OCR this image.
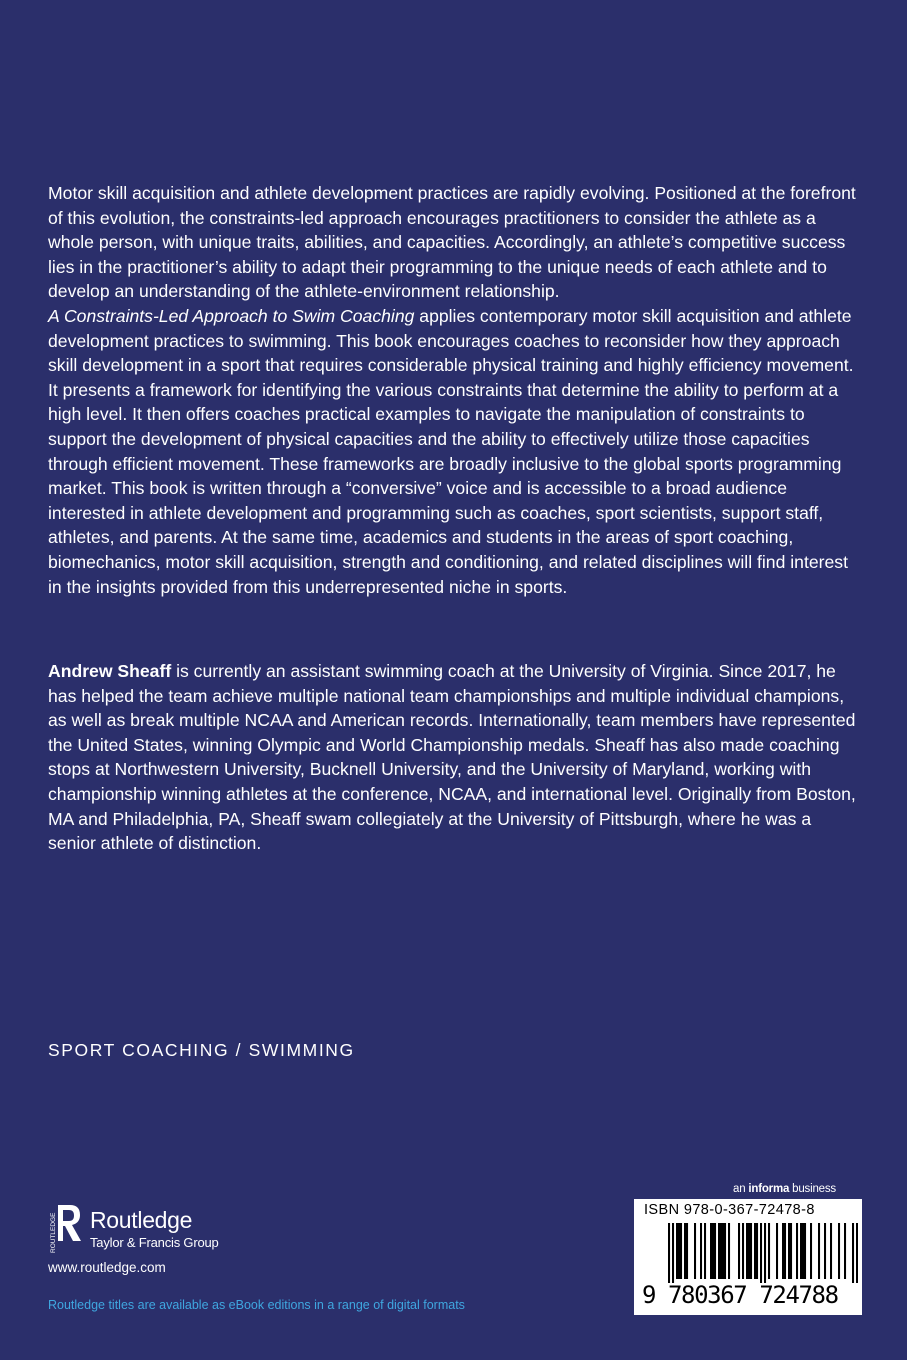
Motor skill acquisition and athlete development practices are rapidly evolving. Positioned at the forefront of this evolution, the constraints-led approach encourages practitioners to consider the athlete as a whole person, with unique traits, abilities, and capacities. Accordingly, an athlete’s competitive success lies in the practitioner’s ability to adapt their programming to the unique needs of each athlete and to develop an understanding of the athlete-environment relationship.
A Constraints-Led Approach to Swim Coaching applies contemporary motor skill acquisition and athlete development practices to swimming. This book encourages coaches to reconsider how they approach skill development in a sport that requires considerable physical training and highly efficiency movement. It presents a framework for identifying the various constraints that determine the ability to perform at a high level. It then offers coaches practical examples to navigate the manipulation of constraints to support the development of physical capacities and the ability to effectively utilize those capacities through efficient movement. These frameworks are broadly inclusive to the global sports programming market. This book is written through a “conversive” voice and is accessible to a broad audience interested in athlete development and programming such as coaches, sport scientists, support staff, athletes, and parents. At the same time, academics and students in the areas of sport coaching, biomechanics, motor skill acquisition, strength and conditioning, and related disciplines will find interest in the insights provided from this underrepresented niche in sports.

Andrew Sheaff is currently an assistant swimming coach at the University of Virginia. Since 2017, he has helped the team achieve multiple national team championships and multiple individual champions, as well as break multiple NCAA and American records. Internationally, team members have represented the United States, winning Olympic and World Championship medals. Sheaff has also made coaching stops at Northwestern University, Bucknell University, and the University of Maryland, working with championship winning athletes at the conference, NCAA, and international level. Originally from Boston, MA and Philadelphia, PA, Sheaff swam collegiately at the University of Pittsburgh, where he was a senior athlete of distinction.

SPORT COACHING / SWIMMING

ROUTLEDGE Routledge
Taylor & Francis Group
www.routledge.com
Routledge titles are available as eBook editions in a range of digital formats
an informa business
ISBN 978-0-367-72478-8
9 780367 724788
